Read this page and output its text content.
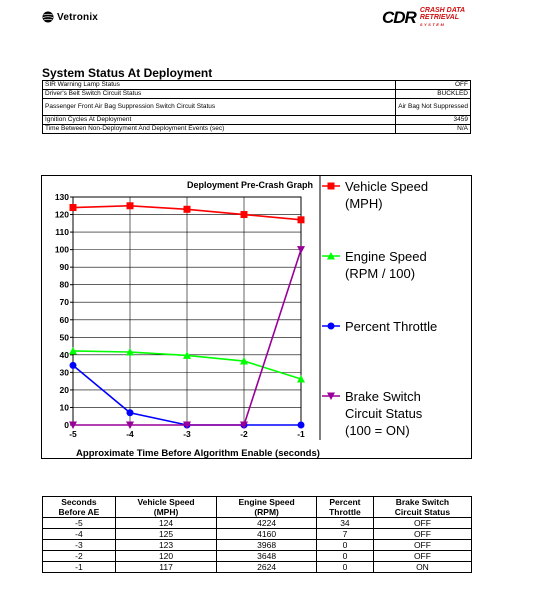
Vetronix	CDR CRASH DATA
RETRIEVAL
SYSTEM
System Status At Deployment
SIR Warning Lamp Status	OFF
Driver's Belt Switch Circuit Status	BUCKLED
Passenger Front Air Bag Suppression Switch Circuit Status	Air Bag Not Suppressed
Ignition Cycles At Deployment	3459
Time Between Non-Deployment And Deployment Events (sec)	N/A
0
10
20
30
40
50
60
70
80
90
100
110
120
130
-5	-4	-3	-2	-1
Deployment Pre-Crash Graph
Approximate Time Before Algorithm Enable (seconds)
Vehicle Speed
(MPH)
Engine Speed
(RPM / 100)
Percent Throttle
Brake Switch
Circuit Status
(100 = ON)
Seconds	Vehicle Speed	Engine Speed	Percent	Brake Switch
Before AE	(MPH)	(RPM)	Throttle	Circuit Status
-5	124	4224	34	OFF
-4	125	4160	7	OFF
-3	123	3968	0	OFF
-2	120	3648	0	OFF
-1	117	2624	0	ON
